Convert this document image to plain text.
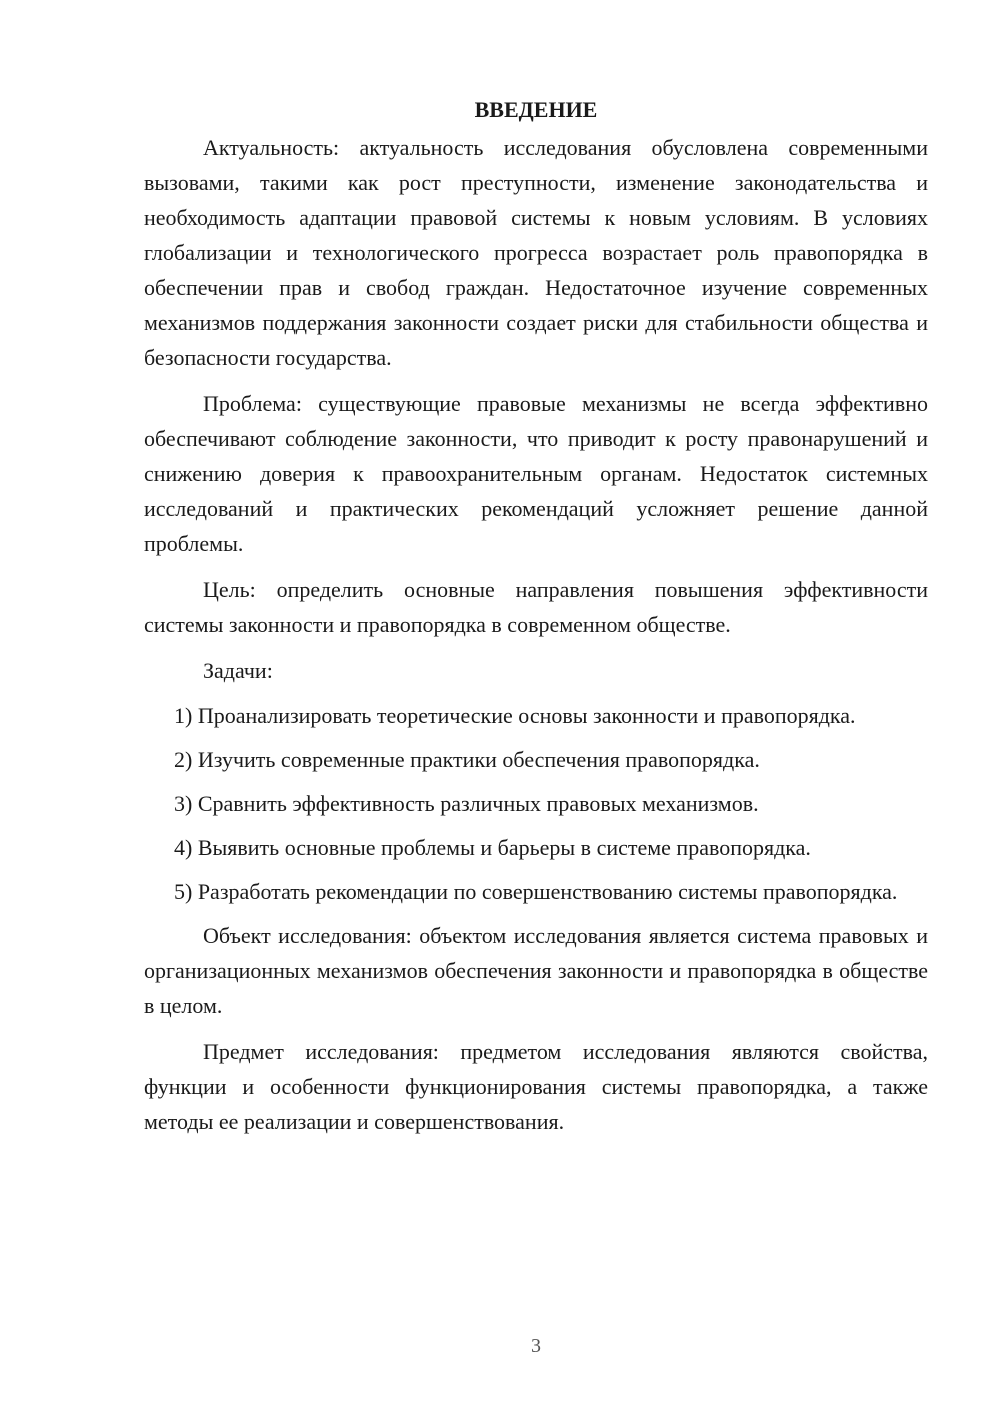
ВВЕДЕНИЕ

Актуальность: актуальность исследования обусловлена современными вызовами, такими как рост преступности, изменение законодательства и необходимость адаптации правовой системы к новым условиям. В условиях глобализации и технологического прогресса возрастает роль правопорядка в обеспечении прав и свобод граждан. Недостаточное изучение современных механизмов поддержания законности создает риски для стабильности общества и безопасности государства.

Проблема: существующие правовые механизмы не всегда эффективно обеспечивают соблюдение законности, что приводит к росту правонарушений и снижению доверия к правоохранительным органам. Недостаток системных исследований и практических рекомендаций усложняет решение данной проблемы.

Цель: определить основные направления повышения эффективности системы законности и правопорядка в современном обществе.

Задачи:

1) Проанализировать теоретические основы законности и правопорядка.

2) Изучить современные практики обеспечения правопорядка.

3) Сравнить эффективность различных правовых механизмов.

4) Выявить основные проблемы и барьеры в системе правопорядка.

5) Разработать рекомендации по совершенствованию системы правопорядка.

Объект исследования: объектом исследования является система правовых и организационных механизмов обеспечения законности и правопорядка в обществе в целом.

Предмет исследования: предметом исследования являются свойства, функции и особенности функционирования системы правопорядка, а также методы ее реализации и совершенствования.

3
